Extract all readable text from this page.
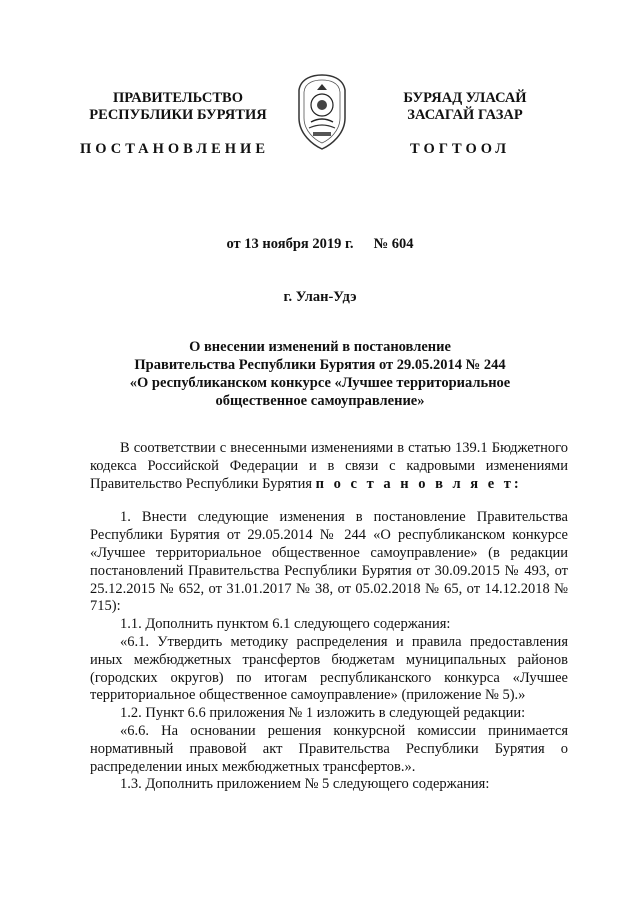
ПРАВИТЕЛЬСТВО
РЕСПУБЛИКИ БУРЯТИЯ
БУРЯАД УЛАСАЙ
ЗАСАГАЙ ГАЗАР
ПОСТАНОВЛЕНИЕ	ТОГТООЛ
от 13 ноября 2019 г. № 604
г. Улан-Удэ
О внесении изменений в постановление
Правительства Республики Бурятия от 29.05.2014 № 244
«О республиканском конкурсе «Лучшее территориальное
общественное самоуправление»

В соответствии с внесенными изменениями в статью 139.1 Бюджетного кодекса Российской Федерации и в связи с кадровыми изменениями Правительство Республики Бурятия п о с т а н о в л я е т:

1. Внести следующие изменения в постановление Правительства Республики Бурятия от 29.05.2014 № 244 «О республиканском конкурсе «Лучшее территориальное общественное самоуправление» (в редакции постановлений Правительства Республики Бурятия от 30.09.2015 № 493, от 25.12.2015 № 652, от 31.01.2017 № 38, от 05.02.2018 № 65, от 14.12.2018 № 715):

1.1. Дополнить пунктом 6.1 следующего содержания:

«6.1. Утвердить методику распределения и правила предоставления иных межбюджетных трансфертов бюджетам муниципальных районов (городских округов) по итогам республиканского конкурса «Лучшее территориальное общественное самоуправление» (приложение № 5).»

1.2. Пункт 6.6 приложения № 1 изложить в следующей редакции:

«6.6. На основании решения конкурсной комиссии принимается нормативный правовой акт Правительства Республики Бурятия о распределении иных межбюджетных трансфертов.».

1.3. Дополнить приложением № 5 следующего содержания:
